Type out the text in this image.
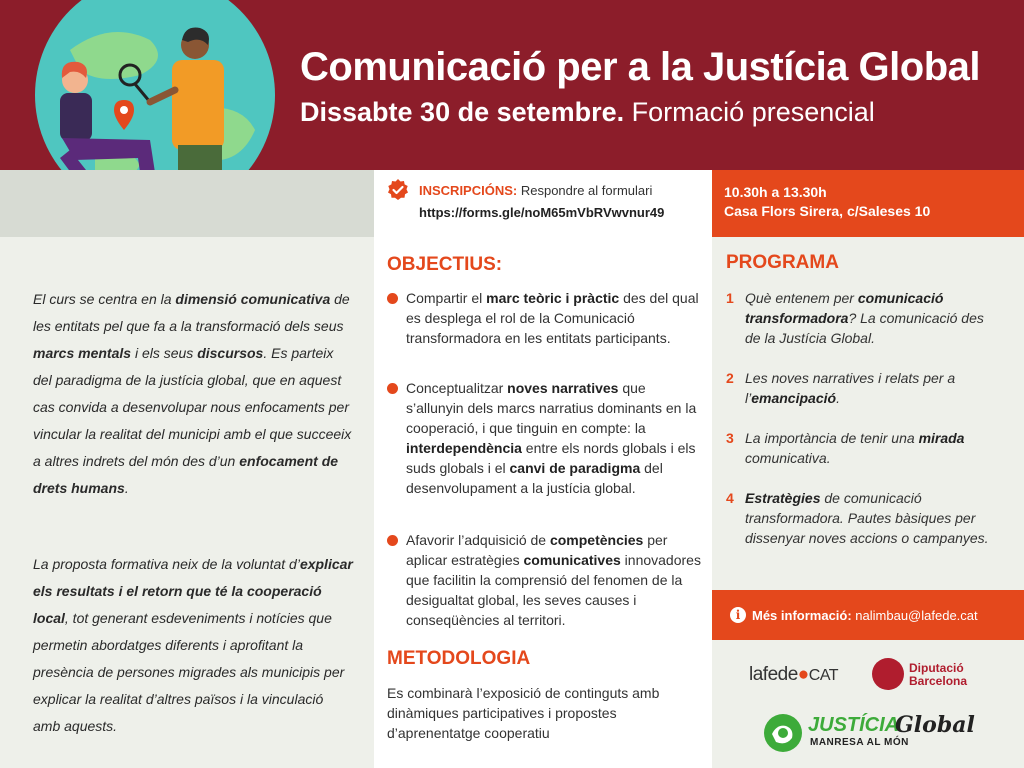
Comunicació per a la Justícia Global
Dissabte 30 de setembre. Formació presencial
INSCRIPCIÓNS: Respondre al formulari
https://forms.gle/noM65mVbRVwvnur49
10.30h a 13.30h
Casa Flors Sirera, c/Saleses 10
El curs se centra en la dimensió comunicativa de les entitats pel que fa a la transformació dels seus marcs mentals i els seus discursos. Es parteix del paradigma de la justícia global, que en aquest cas convida a desenvolupar nous enfocaments per vincular la realitat del municipi amb el que succeeix a altres indrets del món des d’un enfocament de drets humans.
La proposta formativa neix de la voluntat d’explicar els resultats i el retorn que té la cooperació local, tot generant esdeveniments i notícies que permetin abordatges diferents i aprofitant la presència de persones migrades als municipis per explicar la realitat d’altres països i la vinculació amb aquests.
OBJECTIUS:
Compartir el marc teòric i pràctic des del qual es desplega el rol de la Comunicació transformadora en les entitats participants.
Conceptualitzar noves narratives que s’allunyin dels marcs narratius dominants en la cooperació, i que tinguin en compte: la interdependència entre els nords globals i els suds globals i el canvi de paradigma del desenvolupament a la justícia global.
Afavorir l’adquisició de competències per aplicar estratègies comunicatives innovadores que facilitin la comprensió del fenomen de la desigualtat global, les seves causes i conseqüències al territori.
METODOLOGIA
Es combinarà l’exposició de continguts amb dinàmiques participatives i propostes d’aprenentatge cooperatiu
PROGRAMA
1 Què entenem per comunicació transformadora? La comunicació des de la Justícia Global.
2 Les noves narratives i relats per a l’emancipació.
3 La importància de tenir una mirada comunicativa.
4 Estratègies de comunicació transformadora. Pautes bàsiques per dissenyar noves accions o campanyes.
i Més informació: nalimbau@lafede.cat
lafede●CAT	Diputació
Barcelona
JUSTÍCIA
Global
MANRESA AL MÓN
